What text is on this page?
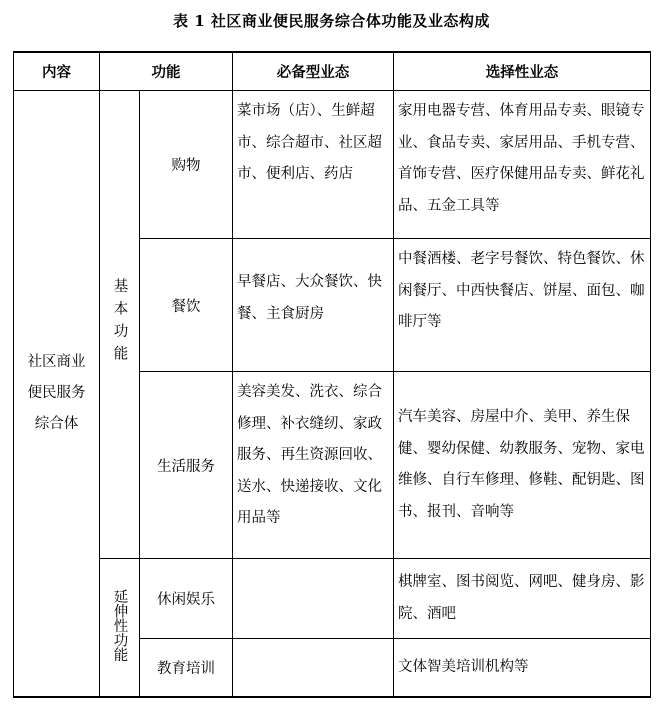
表 1 社区商业便民服务综合体功能及业态构成
内容	功能		必备型业态	选择性业态

社区商业
便民服务
综合体	基本功能	购物	菜市场（店）、生鲜超市、综合超市、社区超市、便利店、药店	家用电器专营、体育用品专卖、眼镜专业、食品专卖、家居用品、手机专营、首饰专营、医疗保健用品专卖、鲜花礼品、五金工具等
		餐饮	早餐店、大众餐饮、快餐、主食厨房	中餐酒楼、老字号餐饮、特色餐饮、休闲餐厅、中西快餐店、饼屋、面包、咖啡厅等
		生活服务	美容美发、洗衣、综合修理、补衣缝纫、家政服务、再生资源回收、送水、快递接收、文化用品等	汽车美容、房屋中介、美甲、养生保健、婴幼保健、幼教服务、宠物、家电维修、自行车修理、修鞋、配钥匙、图书、报刊、音响等
	延伸性功能	休闲娱乐		棋牌室、图书阅览、网吧、健身房、影院、酒吧
		教育培训		文体智美培训机构等
